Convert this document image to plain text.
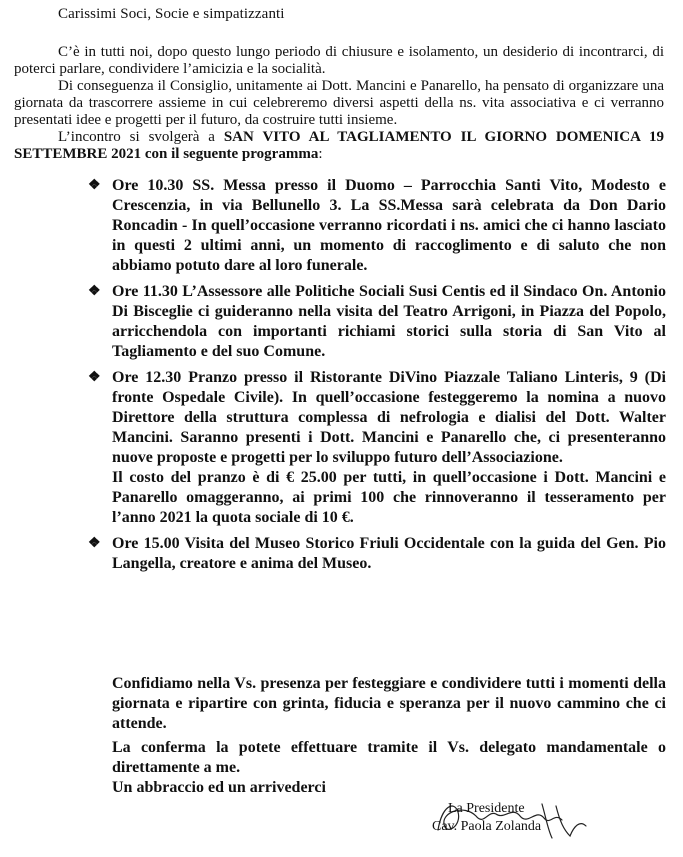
Carissimi Soci, Socie e simpatizzanti

C’è in tutti noi, dopo questo lungo periodo di chiusure e isolamento, un desiderio di incontrarci, di poterci parlare, condividere l’amicizia e la socialità.

Di conseguenza il Consiglio, unitamente ai Dott. Mancini e Panarello, ha pensato di organizzare una giornata da trascorrere assieme in cui celebreremo diversi aspetti della ns. vita associativa e ci verranno presentati idee e progetti per il futuro, da costruire tutti insieme.

L’incontro si svolgerà a SAN VITO AL TAGLIAMENTO IL GIORNO DOMENICA 19 SETTEMBRE 2021 con il seguente programma:

❖ Ore 10.30 SS. Messa presso il Duomo – Parrocchia Santi Vito, Modesto e Crescenzia, in via Bellunello 3. La SS.Messa sarà celebrata da Don Dario Roncadin - In quell’occasione verranno ricordati i ns. amici che ci hanno lasciato in questi 2 ultimi anni, un momento di raccoglimento e di saluto che non abbiamo potuto dare al loro funerale.

❖ Ore 11.30 L’Assessore alle Politiche Sociali Susi Centis ed il Sindaco On. Antonio Di Bisceglie ci guideranno nella visita del Teatro Arrigoni, in Piazza del Popolo, arricchendola con importanti richiami storici sulla storia di San Vito al Tagliamento e del suo Comune.

❖ Ore 12.30 Pranzo presso il Ristorante DiVino Piazzale Taliano Linteris, 9 (Di fronte Ospedale Civile). In quell’occasione festeggeremo la nomina a nuovo Direttore della struttura complessa di nefrologia e dialisi del Dott. Walter Mancini. Saranno presenti i Dott. Mancini e Panarello che, ci presenteranno nuove proposte e progetti per lo sviluppo futuro dell’Associazione.

Il costo del pranzo è di € 25.00 per tutti, in quell’occasione i Dott. Mancini e Panarello omaggeranno, ai primi 100 che rinnoveranno il tesseramento per l’anno 2021 la quota sociale di 10 €.

❖ Ore 15.00 Visita del Museo Storico Friuli Occidentale con la guida del Gen. Pio Langella, creatore e anima del Museo.

Confidiamo nella Vs. presenza per festeggiare e condividere tutti i momenti della giornata e ripartire con grinta, fiducia e speranza per il nuovo cammino che ci attende.

La conferma la potete effettuare tramite il Vs. delegato mandamentale o direttamente a me.

Un abbraccio ed un arrivederci

La Presidente
Cav. Paola Zolanda
